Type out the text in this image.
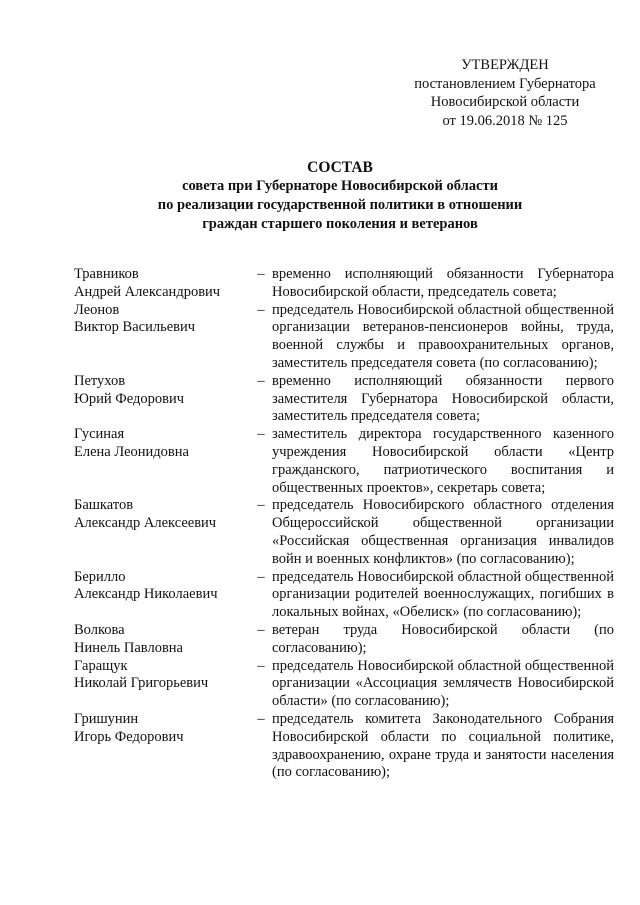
УТВЕРЖДЕН
постановлением Губернатора
Новосибирской области
от 19.06.2018 № 125
СОСТАВ
совета при Губернаторе Новосибирской области
по реализации государственной политики в отношении
граждан старшего поколения и ветеранов
Травников
Андрей Александрович
– временно исполняющий обязанности Губернатора Новосибирской области, председатель совета;
Леонов
Виктор Васильевич
– председатель Новосибирской областной общественной организации ветеранов-пенсионеров войны, труда, военной службы и правоохранительных органов, заместитель председателя совета (по согласованию);
Петухов
Юрий Федорович
– временно исполняющий обязанности первого заместителя Губернатора Новосибирской области, заместитель председателя совета;
Гусиная
Елена Леонидовна
– заместитель директора государственного казенного учреждения Новосибирской области «Центр гражданского, патриотического воспитания и общественных проектов», секретарь совета;
Башкатов
Александр Алексеевич
– председатель Новосибирского областного отделения Общероссийской общественной организации «Российская общественная организация инвалидов войн и военных конфликтов» (по согласованию);
Берилло
Александр Николаевич
– председатель Новосибирской областной общественной организации родителей военнослужащих, погибших в локальных войнах, «Обелиск» (по согласованию);
Волкова
Нинель Павловна
– ветеран труда Новосибирской области (по согласованию);
Гаращук
Николай Григорьевич
– председатель Новосибирской областной общественной организации «Ассоциация землячеств Новосибирской области» (по согласованию);
Гришунин
Игорь Федорович
– председатель комитета Законодательного Собрания Новосибирской области по социальной политике, здравоохранению, охране труда и занятости населения (по согласованию);
